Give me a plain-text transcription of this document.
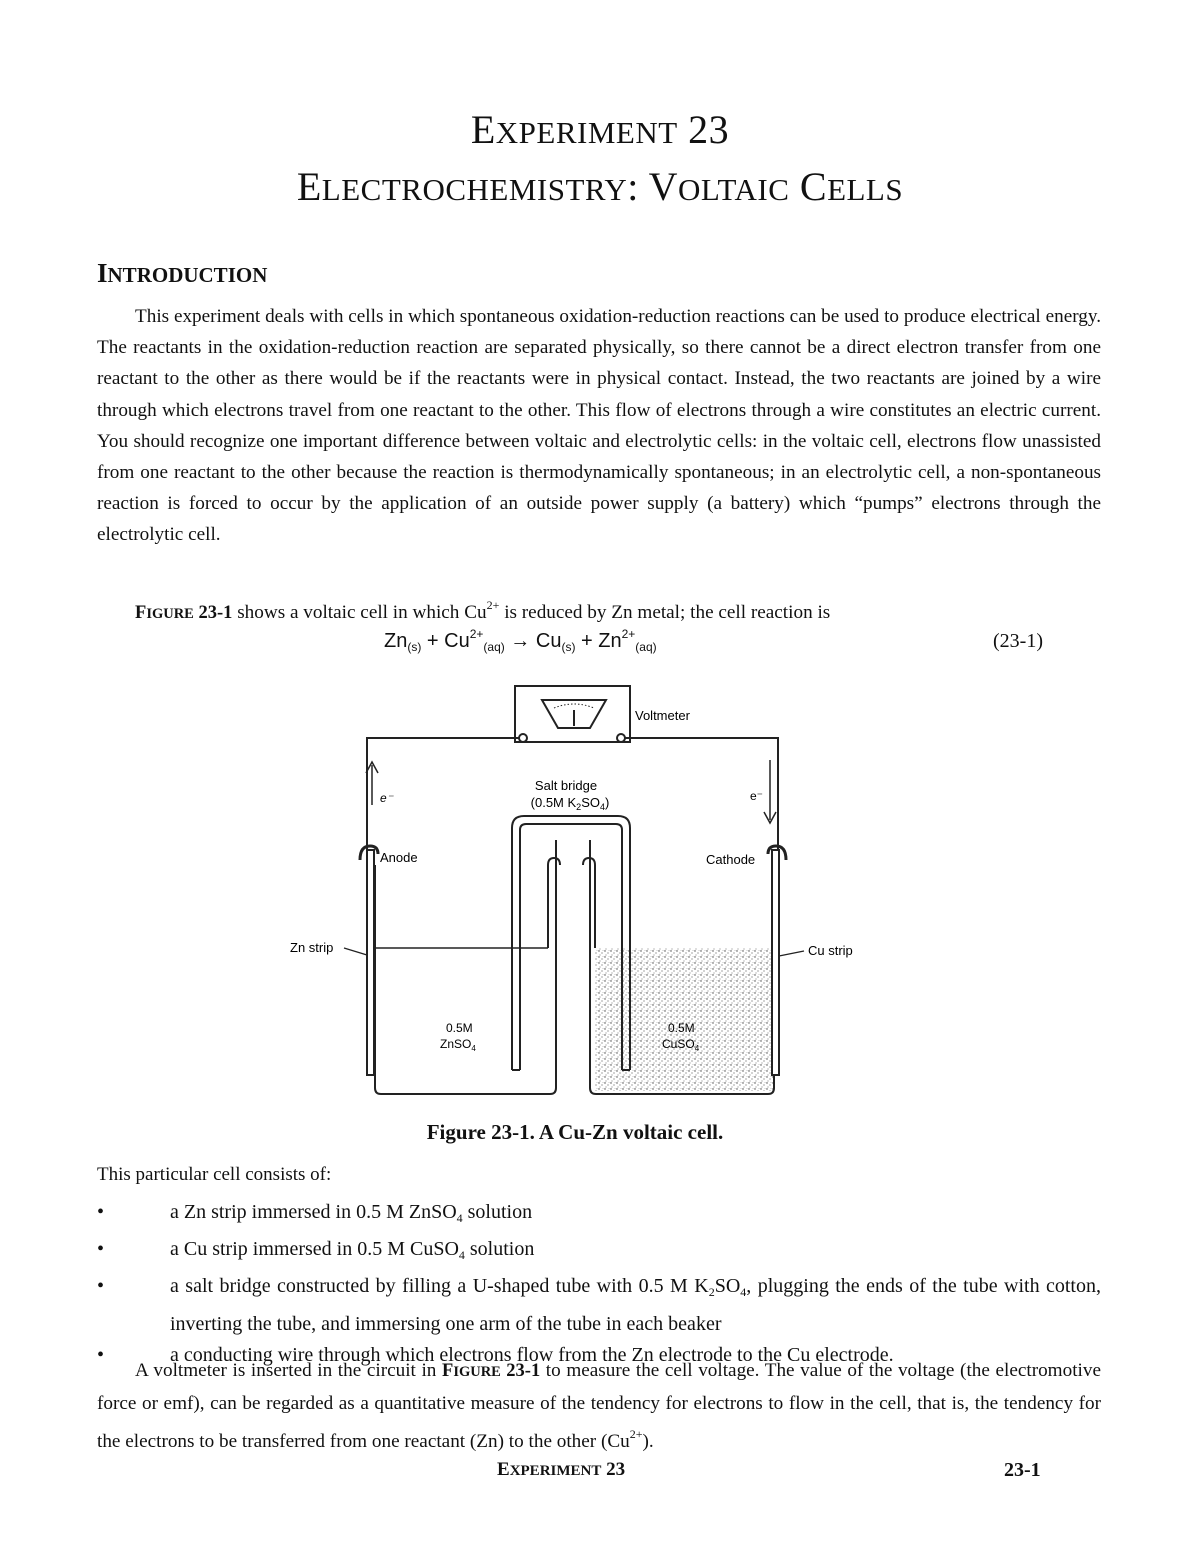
EXPERIMENT 23
ELECTROCHEMISTRY: VOLTAIC CELLS
INTRODUCTION

This experiment deals with cells in which spontaneous oxidation-reduction reactions can be used to produce electrical energy. The reactants in the oxidation-reduction reaction are separated physically, so there cannot be a direct electron transfer from one reactant to the other as there would be if the reactants were in physical contact. Instead, the two reactants are joined by a wire through which electrons travel from one reactant to the other. This flow of electrons through a wire constitutes an electric current. You should recognize one important difference between voltaic and electrolytic cells: in the voltaic cell, electrons flow unassisted from one reactant to the other because the reaction is thermodynamically spontaneous; in an electrolytic cell, a non-spontaneous reaction is forced to occur by the application of an outside power supply (a battery) which “pumps” electrons through the electrolytic cell.

FIGURE 23-1 shows a voltaic cell in which $Cu^{2+}$ is reduced by Zn metal; the cell reaction is

$Zn_{(s)} + Cu^{2+}_{(aq)} \to Cu_{(s)} + Zn^{2+}_{(aq)}$	(23-1)
Voltmeter
e⁻	e⁻
Salt bridge
(0.5M $K_2SO_4$)
Anode	Cathode
Zn strip	Cu strip
0.5M
ZnSO$_4$
0.5M
CuSO$_4$
Figure 23-1. A Cu-Zn voltaic cell.
This particular cell consists of:
•	a Zn strip immersed in 0.5 M ZnSO$_4$ solution
•	a Cu strip immersed in 0.5 M CuSO$_4$ solution
•	a salt bridge constructed by filling a U-shaped tube with 0.5 M $K_2SO_4$, plugging the ends of the tube with cotton, inverting the tube, and immersing one arm of the tube in each beaker
•	a conducting wire through which electrons flow from the Zn electrode to the Cu electrode.

A voltmeter is inserted in the circuit in FIGURE 23-1 to measure the cell voltage. The value of the voltage (the electromotive force or emf), can be regarded as a quantitative measure of the tendency for electrons to flow in the cell, that is, the tendency for the electrons to be transferred from one reactant (Zn) to the other $(Cu^{2+})$.

EXPERIMENT 23	23-1
